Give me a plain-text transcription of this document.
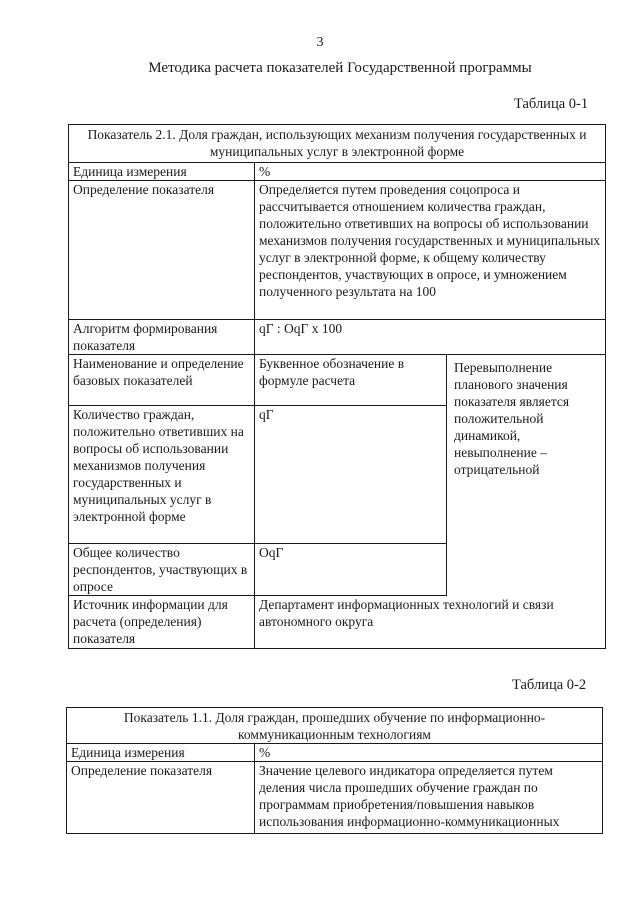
3
Методика расчета показателей Государственной программы
Таблица 0-1
Показатель 2.1. Доля граждан, использующих механизм получения государственных и муниципальных услуг в электронной форме		
Единица измерения	%	
Определение показателя	Определяется путем проведения соцопроса и рассчитывается отношением количества граждан, положительно ответивших на вопросы об использовании механизмов получения государственных и муниципальных услуг в электронной форме, к общему количеству респондентов, участвующих в опросе, и умножением полученного результата на 100	
Алгоритм формирования показателя	qГ : OqГ x 100	
Наименование и определение базовых показателей	Буквенное обозначение в формуле расчета	Перевыполнение планового значения показателя является положительной динамикой, невыполнение – отрицательной
Количество граждан, положительно ответивших на вопросы об использовании механизмов получения государственных и муниципальных услуг в электронной форме	qГ	
Общее количество респондентов, участвующих в опросе	OqГ	
Источник информации для расчета (определения) показателя	Департамент информационных технологий и связи автономного округа	
Таблица 0-2
Показатель 1.1. Доля граждан, прошедших обучение по информационно-коммуникационным технологиям	
Единица измерения	%
Определение показателя	Значение целевого индикатора определяется путем деления числа прошедших обучение граждан по программам приобретения/повышения навыков использования информационно-коммуникационных
